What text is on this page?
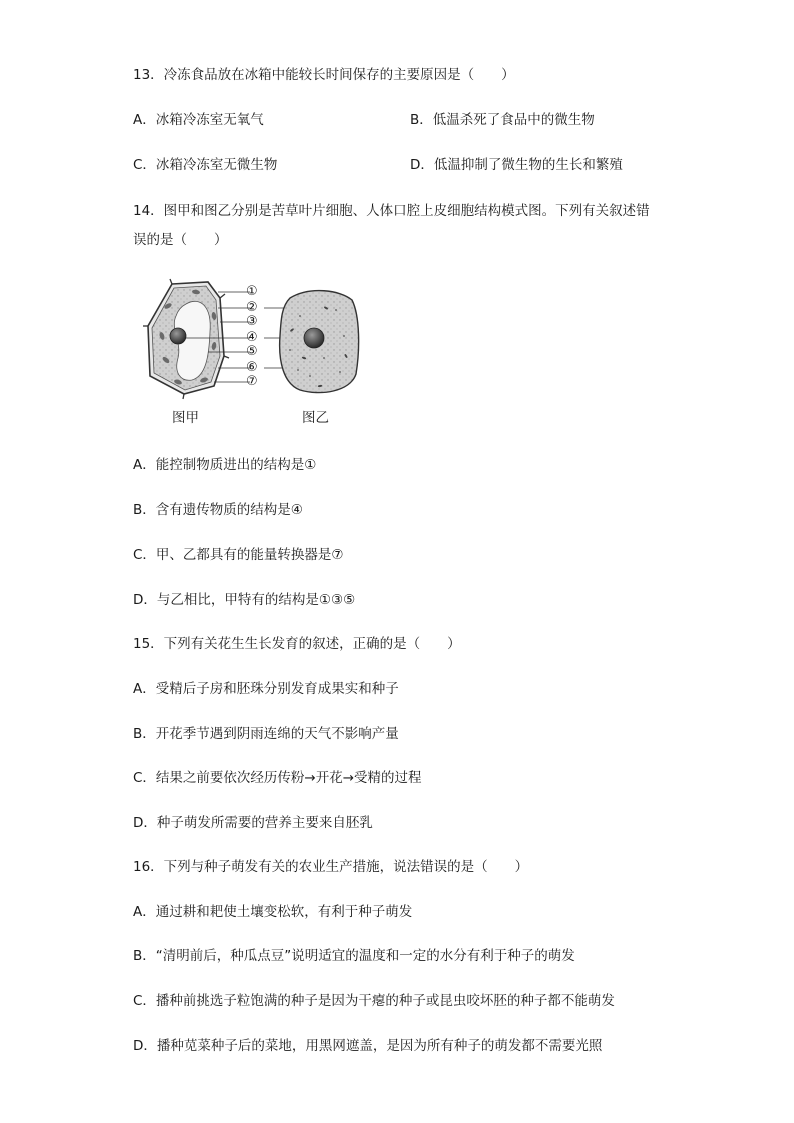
13．冷冻食品放在冰箱中能较长时间保存的主要原因是（　　）
A．冰箱冷冻室无氧气	B．低温杀死了食品中的微生物
C．冰箱冷冻室无微生物	D．低温抑制了微生物的生长和繁殖
14．图甲和图乙分别是苦草叶片细胞、人体口腔上皮细胞结构模式图。下列有关叙述错
误的是（　　）
①
②
③
④
⑤
⑥
⑦
图甲	图乙
A．能控制物质进出的结构是①
B．含有遗传物质的结构是④
C．甲、乙都具有的能量转换器是⑦
D．与乙相比，甲特有的结构是①③⑤
15．下列有关花生生长发育的叙述，正确的是（　　）
A．受精后子房和胚珠分别发育成果实和种子
B．开花季节遇到阴雨连绵的天气不影响产量
C．结果之前要依次经历传粉→开花→受精的过程
D．种子萌发所需要的营养主要来自胚乳
16．下列与种子萌发有关的农业生产措施，说法错误的是（　　）
A．通过耕和耙使土壤变松软，有利于种子萌发
B．“清明前后，种瓜点豆”说明适宜的温度和一定的水分有利于种子的萌发
C．播种前挑选子粒饱满的种子是因为干瘪的种子或昆虫咬坏胚的种子都不能萌发
D．播种苋菜种子后的菜地，用黑网遮盖，是因为所有种子的萌发都不需要光照
